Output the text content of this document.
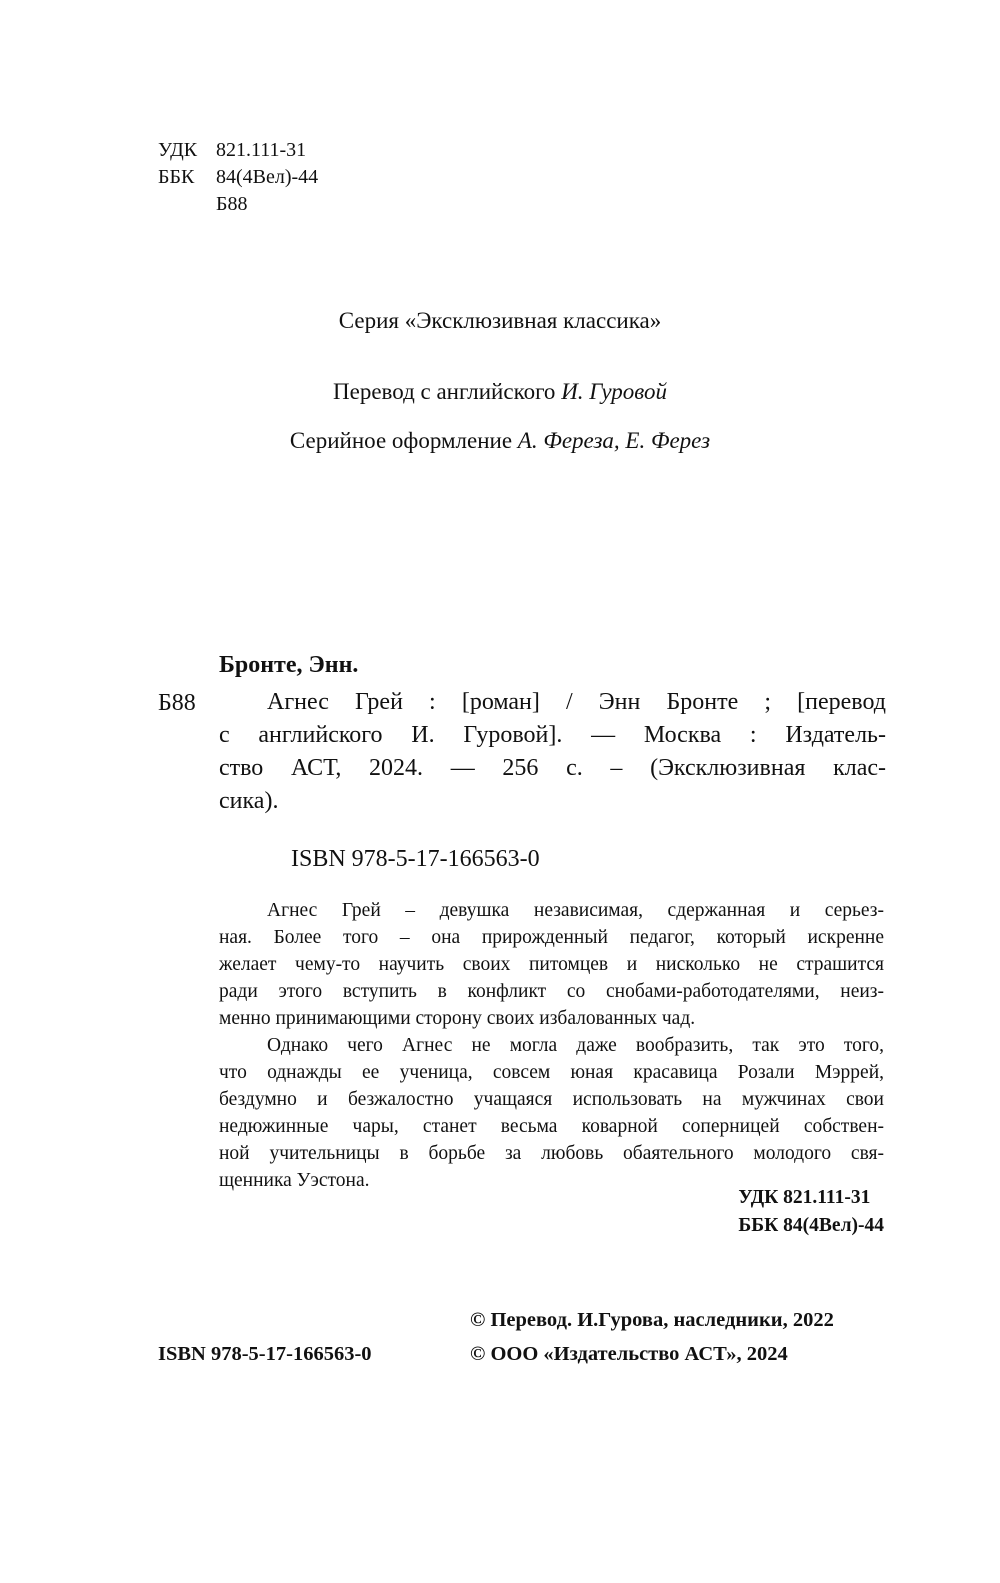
УДК 821.111-31
ББК	84(4Вел)-44
Б88
Серия «Эксклюзивная классика»
Перевод с английского И. Гуровой
Серийное оформление А. Фереза, Е. Ферез
Бронте, Энн.
Б88	Агнес Грей : [роман] / Энн Бронте ; [перевод
с английского И. Гуровой]. — Москва : Издатель-
ство АСТ, 2024. — 256 с. – (Эксклюзивная клас-
сика).
ISBN 978-5-17-166563-0
Агнес Грей – девушка независимая, сдержанная и серьез-
ная. Более того – она прирожденный педагог, который искренне
желает чему-то научить своих питомцев и нисколько не страшится
ради этого вступить в конфликт со снобами-работодателями, неиз-
менно принимающими сторону своих избалованных чад.
Однако чего Агнес не могла даже вообразить, так это того,
что однажды ее ученица, совсем юная красавица Розали Мэррей,
бездумно и безжалостно учащаяся использовать на мужчинах свои
недюжинные чары, станет весьма коварной соперницей собствен-
ной учительницы в борьбе за любовь обаятельного молодого свя-
щенника Уэстона.
УДК 821.111-31
ББК 84(4Вел)-44
© Перевод. И.Гурова, наследники, 2022
© ООО «Издательство АСТ», 2024
ISBN 978-5-17-166563-0
